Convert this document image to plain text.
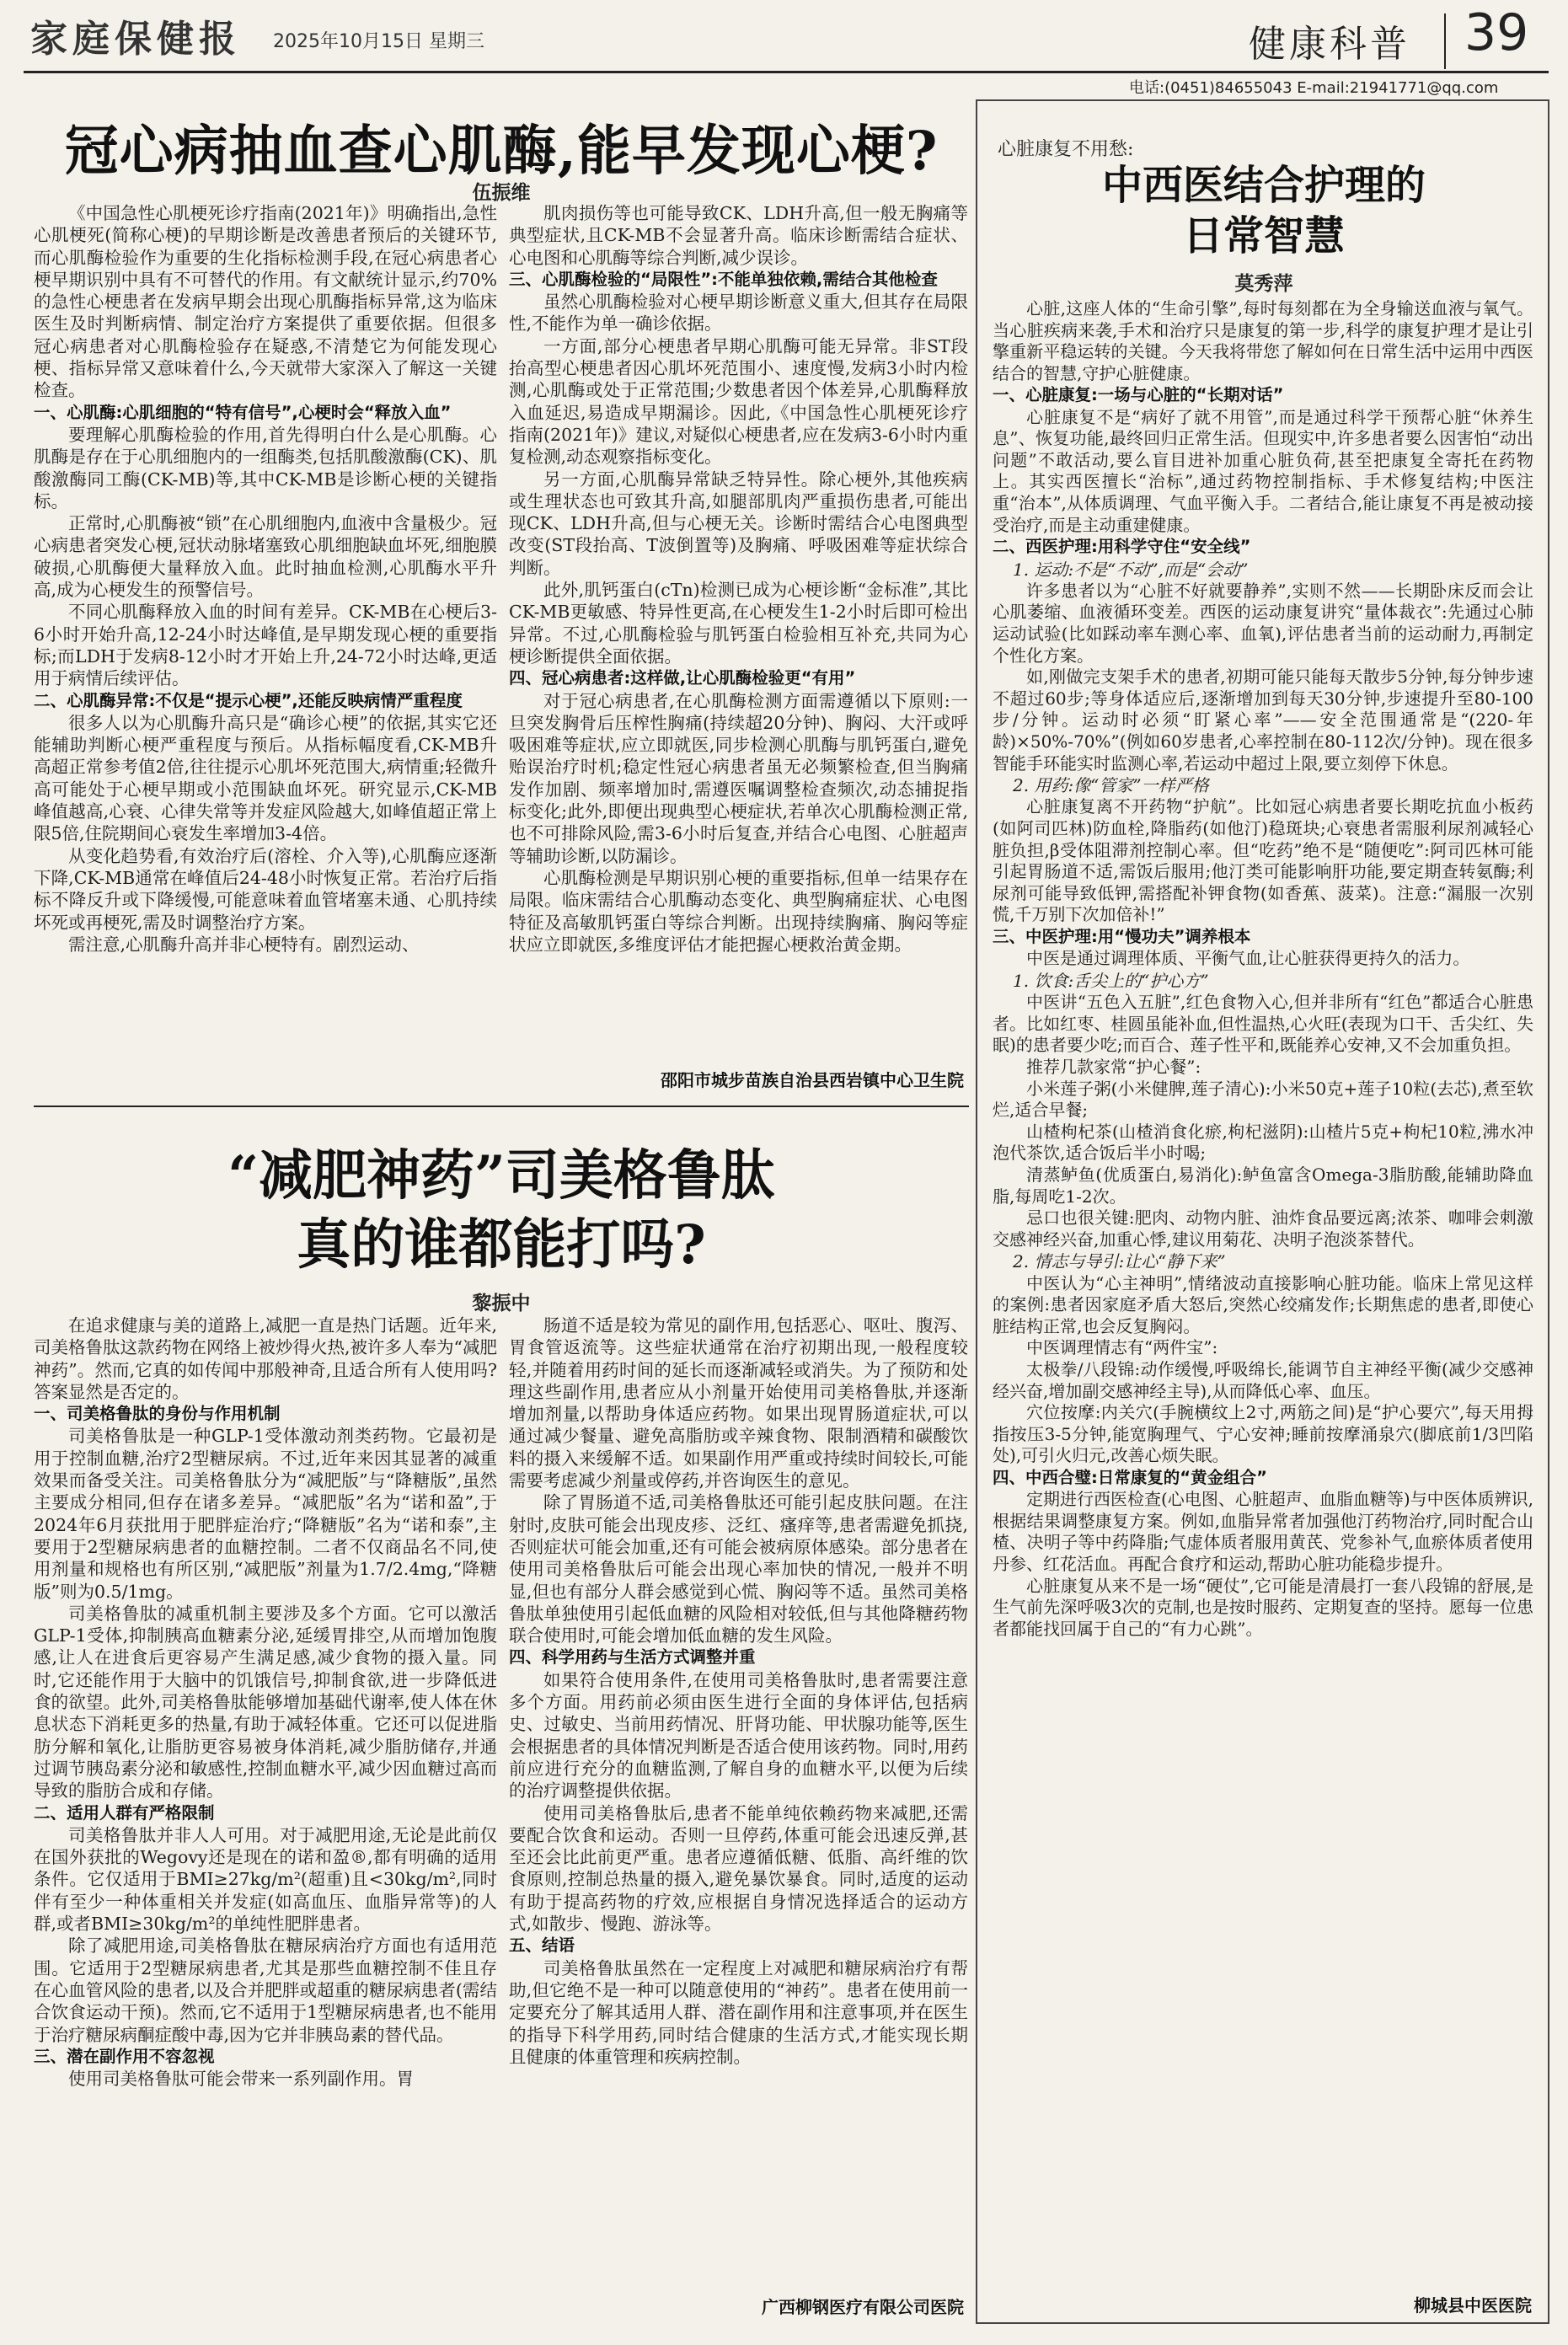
家庭保健报 2025年10月15日 星期三	健康科普 39
电话:(0451)84655043 E-mail:21941771@qq.com
冠心病抽血查心肌酶,能早发现心梗?
伍振维

《中国急性心肌梗死诊疗指南(2021年)》明确指出,急性心肌梗死(简称心梗)的早期诊断是改善患者预后的关键环节,而心肌酶检验作为重要的生化指标检测手段,在冠心病患者心梗早期识别中具有不可替代的作用。有文献统计显示,约70%的急性心梗患者在发病早期会出现心肌酶指标异常,这为临床医生及时判断病情、制定治疗方案提供了重要依据。但很多冠心病患者对心肌酶检验存在疑惑,不清楚它为何能发现心梗、指标异常又意味着什么,今天就带大家深入了解这一关键检查。

一、心肌酶:心肌细胞的“特有信号”,心梗时会“释放入血”

要理解心肌酶检验的作用,首先得明白什么是心肌酶。心肌酶是存在于心肌细胞内的一组酶类,包括肌酸激酶(CK)、肌酸激酶同工酶(CK-MB)等,其中CK-MB是诊断心梗的关键指标。

正常时,心肌酶被“锁”在心肌细胞内,血液中含量极少。冠心病患者突发心梗,冠状动脉堵塞致心肌细胞缺血坏死,细胞膜破损,心肌酶便大量释放入血。此时抽血检测,心肌酶水平升高,成为心梗发生的预警信号。

不同心肌酶释放入血的时间有差异。CK-MB在心梗后3-6小时开始升高,12-24小时达峰值,是早期发现心梗的重要指标;而LDH于发病8-12小时才开始上升,24-72小时达峰,更适用于病情后续评估。

二、心肌酶异常:不仅是“提示心梗”,还能反映病情严重程度

很多人以为心肌酶升高只是“确诊心梗”的依据,其实它还能辅助判断心梗严重程度与预后。从指标幅度看,CK-MB升高超正常参考值2倍,往往提示心肌坏死范围大,病情重;轻微升高可能处于心梗早期或小范围缺血坏死。研究显示,CK-MB峰值越高,心衰、心律失常等并发症风险越大,如峰值超正常上限5倍,住院期间心衰发生率增加3-4倍。

从变化趋势看,有效治疗后(溶栓、介入等),心肌酶应逐渐下降,CK-MB通常在峰值后24-48小时恢复正常。若治疗后指标不降反升或下降缓慢,可能意味着血管堵塞未通、心肌持续坏死或再梗死,需及时调整治疗方案。

需注意,心肌酶升高并非心梗特有。剧烈运动、

肌肉损伤等也可能导致CK、LDH升高,但一般无胸痛等典型症状,且CK-MB不会显著升高。临床诊断需结合症状、心电图和心肌酶等综合判断,减少误诊。

三、心肌酶检验的“局限性”:不能单独依赖,需结合其他检查

虽然心肌酶检验对心梗早期诊断意义重大,但其存在局限性,不能作为单一确诊依据。

一方面,部分心梗患者早期心肌酶可能无异常。非ST段抬高型心梗患者因心肌坏死范围小、速度慢,发病3小时内检测,心肌酶或处于正常范围;少数患者因个体差异,心肌酶释放入血延迟,易造成早期漏诊。因此,《中国急性心肌梗死诊疗指南(2021年)》建议,对疑似心梗患者,应在发病3-6小时内重复检测,动态观察指标变化。

另一方面,心肌酶异常缺乏特异性。除心梗外,其他疾病或生理状态也可致其升高,如腿部肌肉严重损伤患者,可能出现CK、LDH升高,但与心梗无关。诊断时需结合心电图典型改变(ST段抬高、T波倒置等)及胸痛、呼吸困难等症状综合判断。

此外,肌钙蛋白(cTn)检测已成为心梗诊断“金标准”,其比CK-MB更敏感、特异性更高,在心梗发生1-2小时后即可检出异常。不过,心肌酶检验与肌钙蛋白检验相互补充,共同为心梗诊断提供全面依据。

四、冠心病患者:这样做,让心肌酶检验更“有用”

对于冠心病患者,在心肌酶检测方面需遵循以下原则:一旦突发胸骨后压榨性胸痛(持续超20分钟)、胸闷、大汗或呼吸困难等症状,应立即就医,同步检测心肌酶与肌钙蛋白,避免贻误治疗时机;稳定性冠心病患者虽无必频繁检查,但当胸痛发作加剧、频率增加时,需遵医嘱调整检查频次,动态捕捉指标变化;此外,即便出现典型心梗症状,若单次心肌酶检测正常,也不可排除风险,需3-6小时后复查,并结合心电图、心脏超声等辅助诊断,以防漏诊。

心肌酶检测是早期识别心梗的重要指标,但单一结果存在局限。临床需结合心肌酶动态变化、典型胸痛症状、心电图特征及高敏肌钙蛋白等综合判断。出现持续胸痛、胸闷等症状应立即就医,多维度评估才能把握心梗救治黄金期。

邵阳市城步苗族自治县西岩镇中心卫生院
“减肥神药”司美格鲁肽
真的谁都能打吗?
黎振中

在追求健康与美的道路上,减肥一直是热门话题。近年来,司美格鲁肽这款药物在网络上被炒得火热,被许多人奉为“减肥神药”。然而,它真的如传闻中那般神奇,且适合所有人使用吗?答案显然是否定的。

一、司美格鲁肽的身份与作用机制

司美格鲁肽是一种GLP-1受体激动剂类药物。它最初是用于控制血糖,治疗2型糖尿病。不过,近年来因其显著的减重效果而备受关注。司美格鲁肽分为“减肥版”与“降糖版”,虽然主要成分相同,但存在诸多差异。“减肥版”名为“诺和盈”,于2024年6月获批用于肥胖症治疗;“降糖版”名为“诺和泰”,主要用于2型糖尿病患者的血糖控制。二者不仅商品名不同,使用剂量和规格也有所区别,“减肥版”剂量为1.7/2.4mg,“降糖版”则为0.5/1mg。

司美格鲁肽的减重机制主要涉及多个方面。它可以激活GLP-1受体,抑制胰高血糖素分泌,延缓胃排空,从而增加饱腹感,让人在进食后更容易产生满足感,减少食物的摄入量。同时,它还能作用于大脑中的饥饿信号,抑制食欲,进一步降低进食的欲望。此外,司美格鲁肽能够增加基础代谢率,使人体在休息状态下消耗更多的热量,有助于减轻体重。它还可以促进脂肪分解和氧化,让脂肪更容易被身体消耗,减少脂肪储存,并通过调节胰岛素分泌和敏感性,控制血糖水平,减少因血糖过高而导致的脂肪合成和存储。

二、适用人群有严格限制

司美格鲁肽并非人人可用。对于减肥用途,无论是此前仅在国外获批的Wegovy还是现在的诺和盈®,都有明确的适用条件。它仅适用于BMI≥27kg/m²(超重)且<30kg/m²,同时伴有至少一种体重相关并发症(如高血压、血脂异常等)的人群,或者BMI≥30kg/m²的单纯性肥胖患者。

除了减肥用途,司美格鲁肽在糖尿病治疗方面也有适用范围。它适用于2型糖尿病患者,尤其是那些血糖控制不佳且存在心血管风险的患者,以及合并肥胖或超重的糖尿病患者(需结合饮食运动干预)。然而,它不适用于1型糖尿病患者,也不能用于治疗糖尿病酮症酸中毒,因为它并非胰岛素的替代品。

三、潜在副作用不容忽视

使用司美格鲁肽可能会带来一系列副作用。胃

肠道不适是较为常见的副作用,包括恶心、呕吐、腹泻、胃食管返流等。这些症状通常在治疗初期出现,一般程度较轻,并随着用药时间的延长而逐渐减轻或消失。为了预防和处理这些副作用,患者应从小剂量开始使用司美格鲁肽,并逐渐增加剂量,以帮助身体适应药物。如果出现胃肠道症状,可以通过减少餐量、避免高脂肪或辛辣食物、限制酒精和碳酸饮料的摄入来缓解不适。如果副作用严重或持续时间较长,可能需要考虑减少剂量或停药,并咨询医生的意见。

除了胃肠道不适,司美格鲁肽还可能引起皮肤问题。在注射时,皮肤可能会出现皮疹、泛红、瘙痒等,患者需避免抓挠,否则症状可能会加重,还有可能会被病原体感染。部分患者在使用司美格鲁肽后可能会出现心率加快的情况,一般并不明显,但也有部分人群会感觉到心慌、胸闷等不适。虽然司美格鲁肽单独使用引起低血糖的风险相对较低,但与其他降糖药物联合使用时,可能会增加低血糖的发生风险。

四、科学用药与生活方式调整并重

如果符合使用条件,在使用司美格鲁肽时,患者需要注意多个方面。用药前必须由医生进行全面的身体评估,包括病史、过敏史、当前用药情况、肝肾功能、甲状腺功能等,医生会根据患者的具体情况判断是否适合使用该药物。同时,用药前应进行充分的血糖监测,了解自身的血糖水平,以便为后续的治疗调整提供依据。

使用司美格鲁肽后,患者不能单纯依赖药物来减肥,还需要配合饮食和运动。否则一旦停药,体重可能会迅速反弹,甚至还会比此前更严重。患者应遵循低糖、低脂、高纤维的饮食原则,控制总热量的摄入,避免暴饮暴食。同时,适度的运动有助于提高药物的疗效,应根据自身情况选择适合的运动方式,如散步、慢跑、游泳等。

五、结语

司美格鲁肽虽然在一定程度上对减肥和糖尿病治疗有帮助,但它绝不是一种可以随意使用的“神药”。患者在使用前一定要充分了解其适用人群、潜在副作用和注意事项,并在医生的指导下科学用药,同时结合健康的生活方式,才能实现长期且健康的体重管理和疾病控制。

广西柳钢医疗有限公司医院
心脏康复不用愁:
中西医结合护理的
日常智慧
莫秀萍

心脏,这座人体的“生命引擎”,每时每刻都在为全身输送血液与氧气。当心脏疾病来袭,手术和治疗只是康复的第一步,科学的康复护理才是让引擎重新平稳运转的关键。今天我将带您了解如何在日常生活中运用中西医结合的智慧,守护心脏健康。

一、心脏康复:一场与心脏的“长期对话”

心脏康复不是“病好了就不用管”,而是通过科学干预帮心脏“休养生息”、恢复功能,最终回归正常生活。但现实中,许多患者要么因害怕“动出问题”不敢活动,要么盲目进补加重心脏负荷,甚至把康复全寄托在药物上。其实西医擅长“治标”,通过药物控制指标、手术修复结构;中医注重“治本”,从体质调理、气血平衡入手。二者结合,能让康复不再是被动接受治疗,而是主动重建健康。

二、西医护理:用科学守住“安全线”
1. 运动:不是“不动”,而是“会动”

许多患者以为“心脏不好就要静养”,实则不然——长期卧床反而会让心肌萎缩、血液循环变差。西医的运动康复讲究“量体裁衣”:先通过心肺运动试验(比如踩动率车测心率、血氧),评估患者当前的运动耐力,再制定个性化方案。

如,刚做完支架手术的患者,初期可能只能每天散步5分钟,每分钟步速不超过60步;等身体适应后,逐渐增加到每天30分钟,步速提升至80-100步/分钟。运动时必须“盯紧心率”——安全范围通常是“(220-年龄)×50%-70%”(例如60岁患者,心率控制在80-112次/分钟)。现在很多智能手环能实时监测心率,若运动中超过上限,要立刻停下休息。

2. 用药:像“管家”一样严格

心脏康复离不开药物“护航”。比如冠心病患者要长期吃抗血小板药(如阿司匹林)防血栓,降脂药(如他汀)稳斑块;心衰患者需服利尿剂减轻心脏负担,β受体阻滞剂控制心率。但“吃药”绝不是“随便吃”:阿司匹林可能引起胃肠道不适,需饭后服用;他汀类可能影响肝功能,要定期查转氨酶;利尿剂可能导致低钾,需搭配补钾食物(如香蕉、菠菜)。注意:“漏服一次别慌,千万别下次加倍补!”

三、中医护理:用“慢功夫”调养根本

中医是通过调理体质、平衡气血,让心脏获得更持久的活力。

1. 饮食:舌尖上的“护心方”

中医讲“五色入五脏”,红色食物入心,但并非所有“红色”都适合心脏患者。比如红枣、桂圆虽能补血,但性温热,心火旺(表现为口干、舌尖红、失眠)的患者要少吃;而百合、莲子性平和,既能养心安神,又不会加重负担。

推荐几款家常“护心餐”:

小米莲子粥(小米健脾,莲子清心):小米50克+莲子10粒(去芯),煮至软烂,适合早餐;

山楂枸杞茶(山楂消食化瘀,枸杞滋阴):山楂片5克+枸杞10粒,沸水冲泡代茶饮,适合饭后半小时喝;

清蒸鲈鱼(优质蛋白,易消化):鲈鱼富含Omega-3脂肪酸,能辅助降血脂,每周吃1-2次。

忌口也很关键:肥肉、动物内脏、油炸食品要远离;浓茶、咖啡会刺激交感神经兴奋,加重心悸,建议用菊花、决明子泡淡茶替代。

2. 情志与导引:让心“静下来”

中医认为“心主神明”,情绪波动直接影响心脏功能。临床上常见这样的案例:患者因家庭矛盾大怒后,突然心绞痛发作;长期焦虑的患者,即使心脏结构正常,也会反复胸闷。

中医调理情志有“两件宝”:

太极拳/八段锦:动作缓慢,呼吸绵长,能调节自主神经平衡(减少交感神经兴奋,增加副交感神经主导),从而降低心率、血压。

穴位按摩:内关穴(手腕横纹上2寸,两筋之间)是“护心要穴”,每天用拇指按压3-5分钟,能宽胸理气、宁心安神;睡前按摩涌泉穴(脚底前1/3凹陷处),可引火归元,改善心烦失眠。

四、中西合璧:日常康复的“黄金组合”

定期进行西医检查(心电图、心脏超声、血脂血糖等)与中医体质辨识,根据结果调整康复方案。例如,血脂异常者加强他汀药物治疗,同时配合山楂、决明子等中药降脂;气虚体质者服用黄芪、党参补气,血瘀体质者使用丹参、红花活血。再配合食疗和运动,帮助心脏功能稳步提升。

心脏康复从来不是一场“硬仗”,它可能是清晨打一套八段锦的舒展,是生气前先深呼吸3次的克制,也是按时服药、定期复查的坚持。愿每一位患者都能找回属于自己的“有力心跳”。

柳城县中医医院
